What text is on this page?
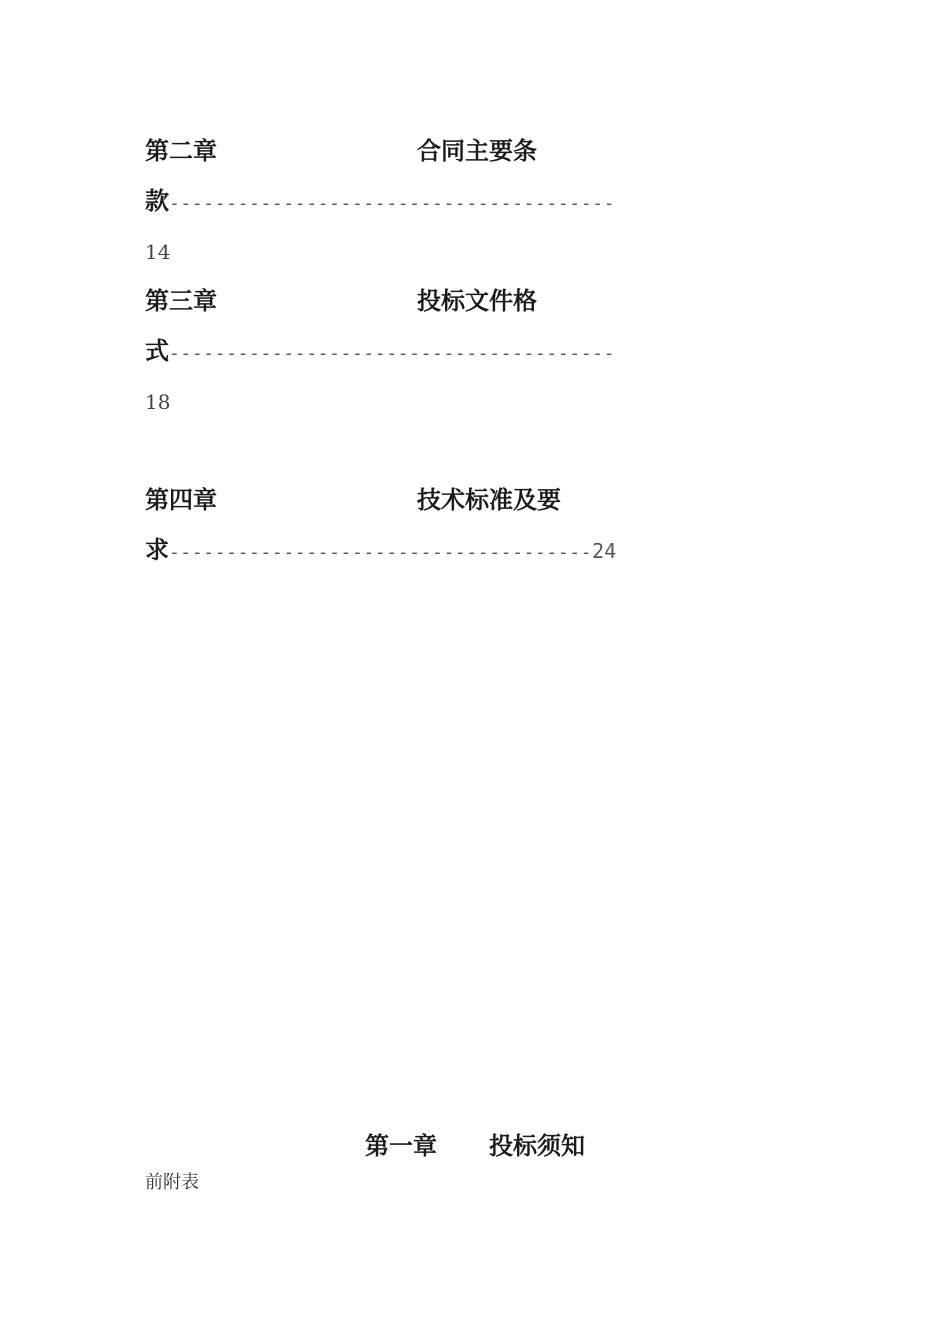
第二章	合同主要条
款---------------------------------------
14
第三章	投标文件格
式---------------------------------------
18
第四章	技术标准及要
求-------------------------------------24
第一章 投标须知
前附表
